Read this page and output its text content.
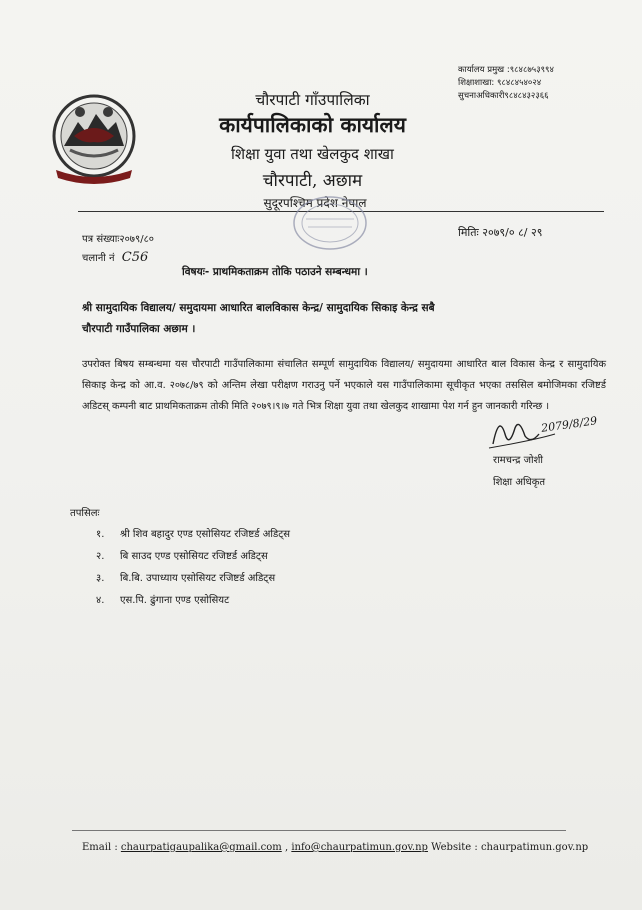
चौरपाटी गाँउपालिका
कार्यपालिकाको कार्यालय
शिक्षा युवा तथा खेलकुद शाखा
चौरपाटी, अछाम
सुदूरपश्चिम प्रदेश नेपाल
कार्यालय प्रमुख :९८४८७५३९९४
शिक्षाशाखा: ९८४८४५४०२४
सुचनाअधिकारी९८४८४३२३६६
पत्र संख्याः२०७९/८०
चलानी नं C56
मितिः २०७९/० ८/ २९
विषयः- प्राथमिकताक्रम तोकि पठाउने सम्बन्धमा ।
श्री सामुदायिक विद्यालय/ समुदायमा आधारित बालविकास केन्द्र/ सामुदायिक सिकाइ केन्द्र सबै
चौरपाटी गाउँपालिका अछाम ।
उपरोक्त बिषय सम्बन्धमा यस चौरपाटी गाउँपालिकामा संचालित सम्पूर्ण सामुदायिक विद्यालय/ समुदायमा आधारित बाल विकास केन्द्र र सामुदायिक सिकाइ केन्द्र को आ.व. २०७८/७९ को अन्तिम लेखा परीक्षण गराउनु पर्ने भएकाले यस गाउँपालिकामा सूचीकृत भएका तससिल बमोजिमका रजिष्टर्ड अडिटस् कम्पनी बाट प्राथमिकताक्रम तोकी मिति २०७९।९।७ गते भित्र शिक्षा युवा तथा खेलकुद शाखामा पेश गर्न हुन जानकारी गरिन्छ ।
2079/8/29
रामचन्द्र जोशी
शिक्षा अधिकृत
तपसिलः
१. श्री शिव बहादुर एण्ड एसोसियट रजिष्टर्ड अडिट्स
२. बि साउद एण्ड एसोसियट रजिष्टर्ड अडिट्स
३. बि.बि. उपाध्याय एसोसियट रजिष्टर्ड अडिट्स
४. एस.पि. ढुंगाना एण्ड एसोसियट
Email : chaurpatigaupalika@gmail.com , info@chaurpatimun.gov.np Website : chaurpatimun.gov.np
